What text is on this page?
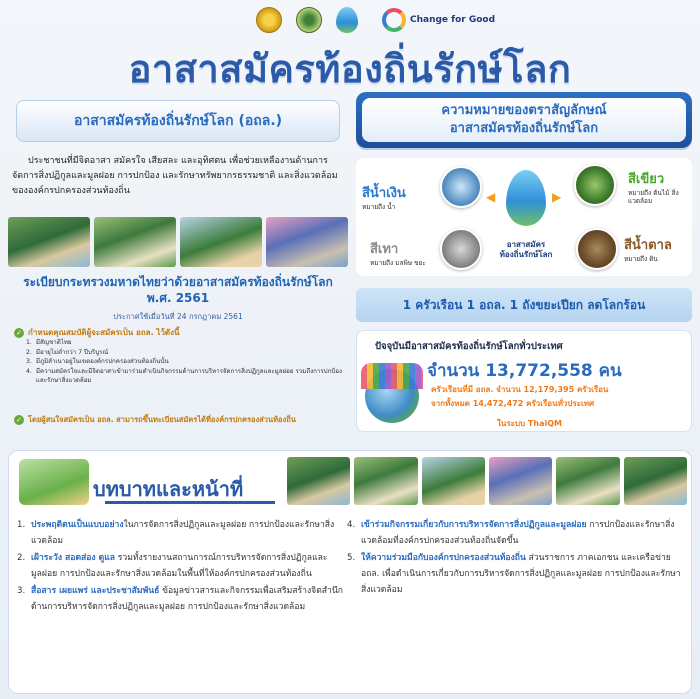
Change for Good
อาสาสมัครท้องถิ่นรักษ์โลก
อาสาสมัครท้องถิ่นรักษ์โลก (อถล.)

ประชาชนที่มีจิตอาสา สมัครใจ เสียสละ และอุทิศตน เพื่อช่วยเหลืองานด้านการจัดการสิ่งปฏิกูลและมูลฝอย การปกป้อง และรักษาทรัพยากรธรรมชาติ และสิ่งแวดล้อมขององค์กรปกครองส่วนท้องถิ่น

ระเบียบกระทรวงมหาดไทยว่าด้วยอาสาสมัครท้องถิ่นรักษ์โลก พ.ศ. 2561
ประกาศใช้เมื่อวันที่ 24 กรกฎาคม 2561
✓ กำหนดคุณสมบัติผู้จะสมัครเป็น อถล. ไว้ดังนี้
1. มีสัญชาติไทย
2. มีอายุไม่ต่ำกว่า 7 ปีบริบูรณ์
3. มีภูมิลำเนาอยู่ในเขตองค์กรปกครองส่วนท้องถิ่นนั้น
4. มีความสมัครใจและมีจิตอาสาเข้ามาร่วมดำเนินกิจกรรมด้านการบริหารจัดการสิ่งปฏิกูลและมูลฝอย รวมถึงการปกป้องและรักษาสิ่งแวดล้อม
✓ โดยผู้สนใจสมัครเป็น อถล. สามารถขึ้นทะเบียนสมัครได้ที่องค์กรปกครองส่วนท้องถิ่น
ความหมายของตราสัญลักษณ์
อาสาสมัครท้องถิ่นรักษ์โลก
สีน้ำเงิน
หมายถึง น้ำ
สีเขียว
หมายถึง ต้นไม้ สิ่งแวดล้อม
สีเทา
หมายถึง มลพิษ ขยะ
สีน้ำตาล
หมายถึง ดิน
◀	▶
อาสาสมัคร
ท้องถิ่นรักษ์โลก
1 ครัวเรือน 1 อถล. 1 ถังขยะเปียก ลดโลกร้อน
ปัจจุบันมีอาสาสมัครท้องถิ่นรักษ์โลกทั่วประเทศ
จำนวน 13,772,558 คน
ครัวเรือนที่มี อถล. จำนวน 12,179,395 ครัวเรือน
จากทั้งหมด 14,472,472 ครัวเรือนทั่วประเทศ
ในระบบ ThaiQM
บทบาทและหน้าที่
1. ประพฤติตนเป็นแบบอย่างในการจัดการสิ่งปฏิกูลและมูลฝอย การปกป้องและรักษาสิ่งแวดล้อม
2. เฝ้าระวัง สอดส่อง ดูแล รวมทั้งรายงานสถานการณ์การบริหารจัดการสิ่งปฏิกูลและมูลฝอย การปกป้องและรักษาสิ่งแวดล้อมในพื้นที่ให้องค์กรปกครองส่วนท้องถิ่น
3. สื่อสาร เผยแพร่ และประชาสัมพันธ์ ข้อมูลข่าวสารและกิจกรรมเพื่อเสริมสร้างจิตสำนึกด้านการบริหารจัดการสิ่งปฏิกูลและมูลฝอย การปกป้องและรักษาสิ่งแวดล้อม
4. เข้าร่วมกิจกรรมเกี่ยวกับการบริหารจัดการสิ่งปฏิกูลและมูลฝอย การปกป้องและรักษาสิ่งแวดล้อมที่องค์กรปกครองส่วนท้องถิ่นจัดขึ้น
5. ให้ความร่วมมือกับองค์กรปกครองส่วนท้องถิ่น ส่วนราชการ ภาคเอกชน และเครือข่าย อถล. เพื่อดำเนินการเกี่ยวกับการบริหารจัดการสิ่งปฏิกูลและมูลฝอย การปกป้องและรักษาสิ่งแวดล้อม
